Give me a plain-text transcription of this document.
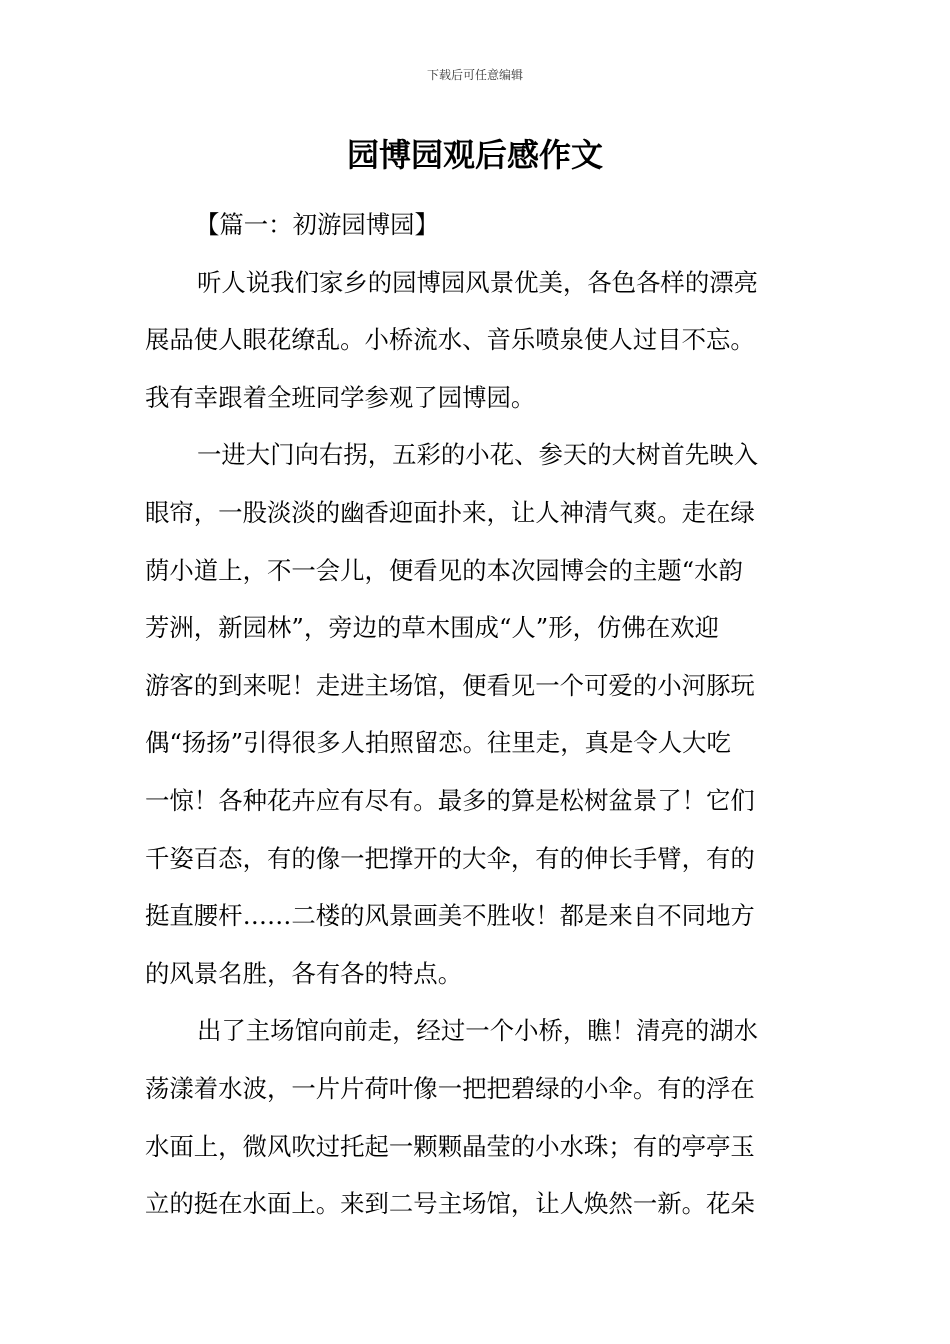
下载后可任意编辑
园博园观后感作文

【篇一：初游园博园】

听人说我们家乡的园博园风景优美，各色各样的漂亮
展品使人眼花缭乱。小桥流水、音乐喷泉使人过目不忘。
我有幸跟着全班同学参观了园博园。

一进大门向右拐，五彩的小花、参天的大树首先映入
眼帘，一股淡淡的幽香迎面扑来，让人神清气爽。走在绿
荫小道上，不一会儿，便看见的本次园博会的主题“水韵
芳洲，新园林”，旁边的草木围成“人”形，仿佛在欢迎
游客的到来呢！走进主场馆，便看见一个可爱的小河豚玩
偶“扬扬”引得很多人拍照留恋。往里走，真是令人大吃
一惊！各种花卉应有尽有。最多的算是松树盆景了！它们
千姿百态，有的像一把撑开的大伞，有的伸长手臂，有的
挺直腰杆……二楼的风景画美不胜收！都是来自不同地方
的风景名胜，各有各的特点。

出了主场馆向前走，经过一个小桥，瞧！清亮的湖水
荡漾着水波，一片片荷叶像一把把碧绿的小伞。有的浮在
水面上，微风吹过托起一颗颗晶莹的小水珠；有的亭亭玉
立的挺在水面上。来到二号主场馆，让人焕然一新。花朵
